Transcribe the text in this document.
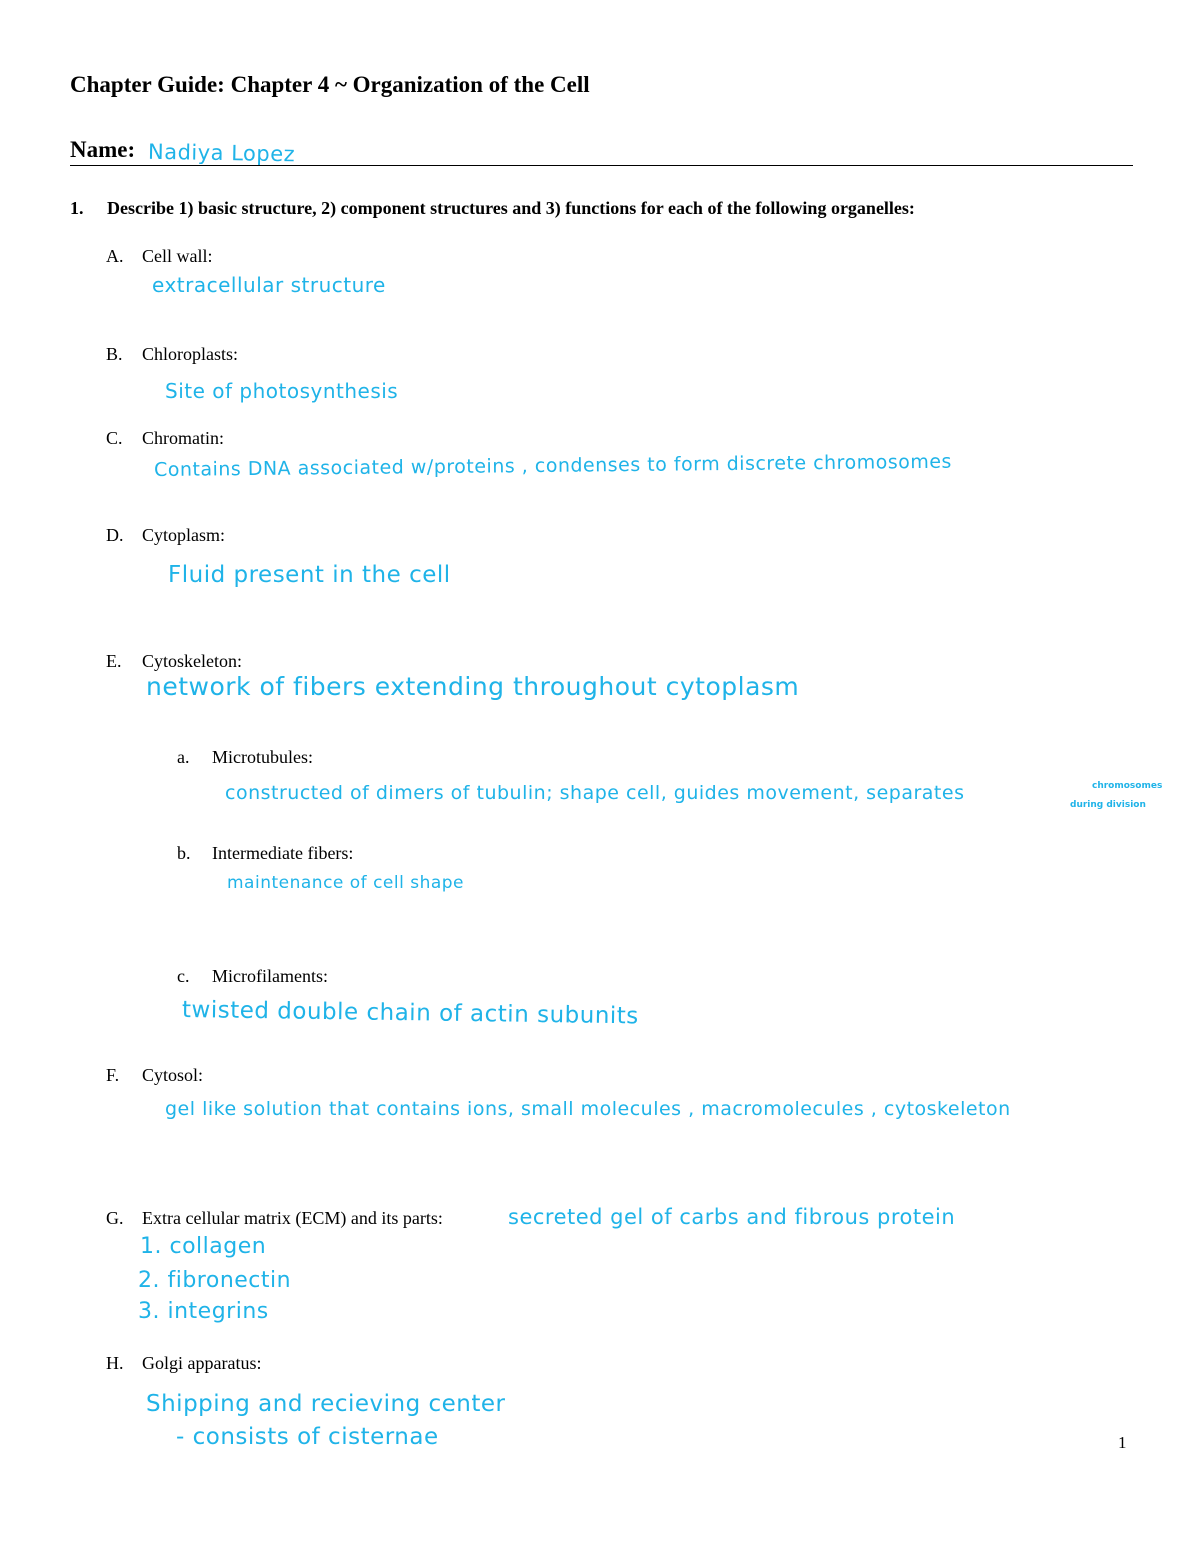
Chapter Guide: Chapter 4 ~ Organization of the Cell
Name: Nadiya Lopez
1. Describe 1) basic structure, 2) component structures and 3) functions for each of the following organelles:
A. Cell wall:
extracellular structure
B. Chloroplasts:
Site of photosynthesis
C. Chromatin:
Contains DNA associated w/proteins , condenses to form discrete chromosomes
D. Cytoplasm:
Fluid present in the cell
E. Cytoskeleton:
network of fibers extending throughout cytoplasm
a. Microtubules:
constructed of dimers of tubulin; shape cell, guides movement, separates	chromosomes
during division
b. Intermediate fibers:
maintenance of cell shape
c. Microfilaments:
twisted double chain of actin subunits
F. Cytosol:
gel like solution that contains ions, small molecules , macromolecules , cytoskeleton
G. Extra cellular matrix (ECM) and its parts:	secreted gel of carbs and fibrous protein
1. collagen
2. fibronectin
3. integrins
H. Golgi apparatus:
Shipping and recieving center
- consists of cisternae	1
